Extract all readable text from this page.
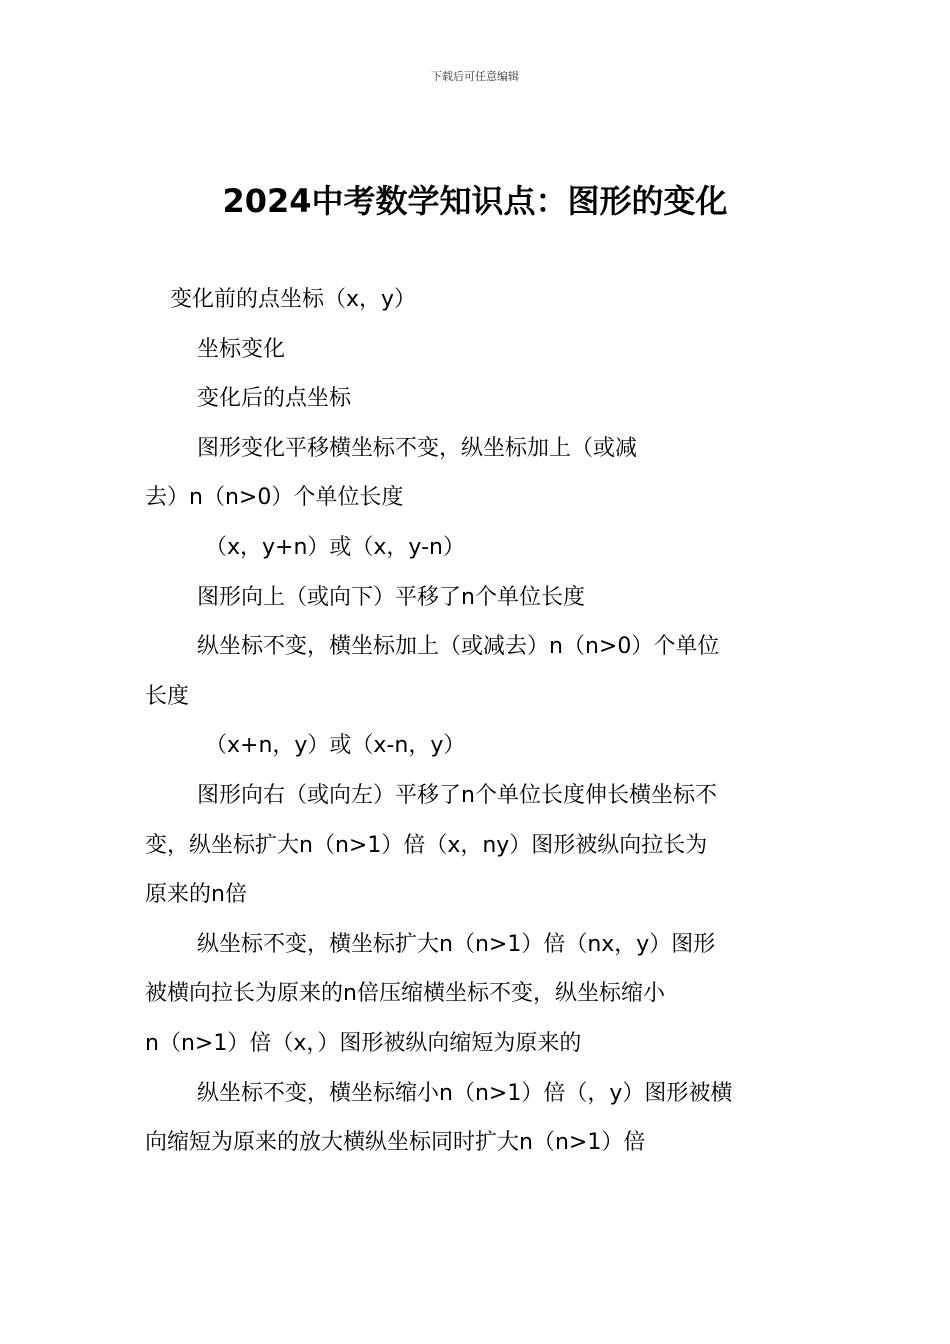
下载后可任意编辑
2024中考数学知识点：图形的变化
变化前的点坐标（x，y）
坐标变化
变化后的点坐标
图形变化平移横坐标不变，纵坐标加上（或减
去）n（n>0）个单位长度
（x，y+n）或（x，y-n）
图形向上（或向下）平移了n个单位长度
纵坐标不变，横坐标加上（或减去）n（n>0）个单位
长度
（x+n，y）或（x-n，y）
图形向右（或向左）平移了n个单位长度伸长横坐标不
变，纵坐标扩大n（n>1）倍（x，ny）图形被纵向拉长为
原来的n倍
纵坐标不变，横坐标扩大n（n>1）倍（nx，y）图形
被横向拉长为原来的n倍压缩横坐标不变，纵坐标缩小
n（n>1）倍（x，）图形被纵向缩短为原来的
纵坐标不变，横坐标缩小n（n>1）倍（，y）图形被横
向缩短为原来的放大横纵坐标同时扩大n（n>1）倍
